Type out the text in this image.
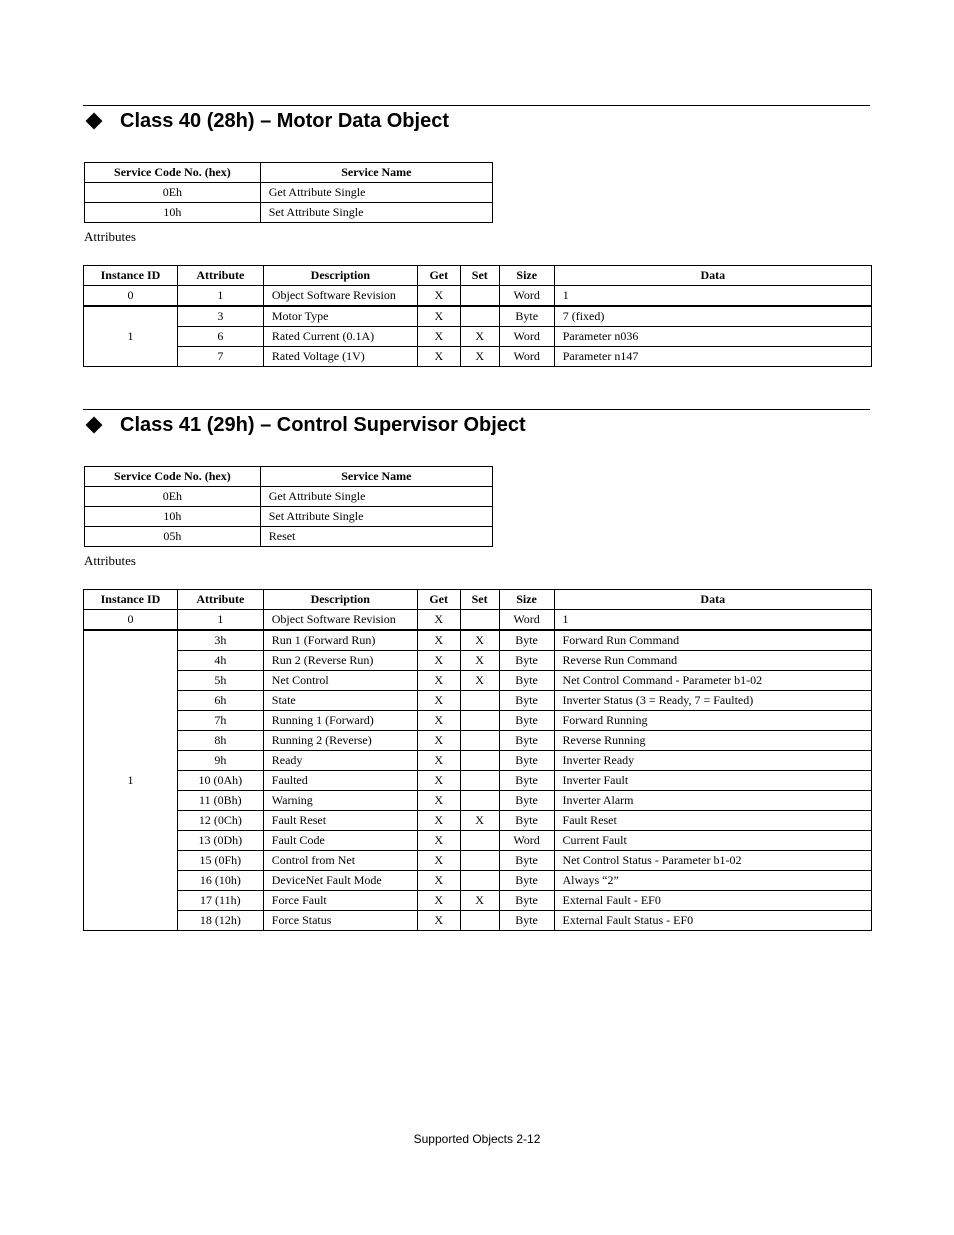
Class 40 (28h) – Motor Data Object
Service Code No. (hex)	Service Name
0Eh	Get Attribute Single
10h	Set Attribute Single
Attributes
Instance ID	Attribute	Description	Get	Set	Size	Data
0	1	Object Software Revision	X		Word	1
1	3	Motor Type	X		Byte	7 (fixed)
	6	Rated Current (0.1A)	X	X	Word	Parameter n036
	7	Rated Voltage (1V)	X	X	Word	Parameter n147
Class 41 (29h) – Control Supervisor Object
Service Code No. (hex)	Service Name
0Eh	Get Attribute Single
10h	Set Attribute Single
05h	Reset
Attributes
Instance ID	Attribute	Description	Get	Set	Size	Data
0	1	Object Software Revision	X		Word	1
1	3h	Run 1 (Forward Run)	X	X	Byte	Forward Run Command
	4h	Run 2 (Reverse Run)	X	X	Byte	Reverse Run Command
	5h	Net Control	X	X	Byte	Net Control Command - Parameter b1-02
	6h	State	X		Byte	Inverter Status (3 = Ready, 7 = Faulted)
	7h	Running 1 (Forward)	X		Byte	Forward Running
	8h	Running 2 (Reverse)	X		Byte	Reverse Running
	9h	Ready	X		Byte	Inverter Ready
	10 (0Ah)	Faulted	X		Byte	Inverter Fault
	11 (0Bh)	Warning	X		Byte	Inverter Alarm
	12 (0Ch)	Fault Reset	X	X	Byte	Fault Reset
	13 (0Dh)	Fault Code	X		Word	Current Fault
	15 (0Fh)	Control from Net	X		Byte	Net Control Status - Parameter b1-02
	16 (10h)	DeviceNet Fault Mode	X		Byte	Always “2”
	17 (11h)	Force Fault	X	X	Byte	External Fault - EF0
	18 (12h)	Force Status	X		Byte	External Fault Status - EF0
Supported Objects 2-12
